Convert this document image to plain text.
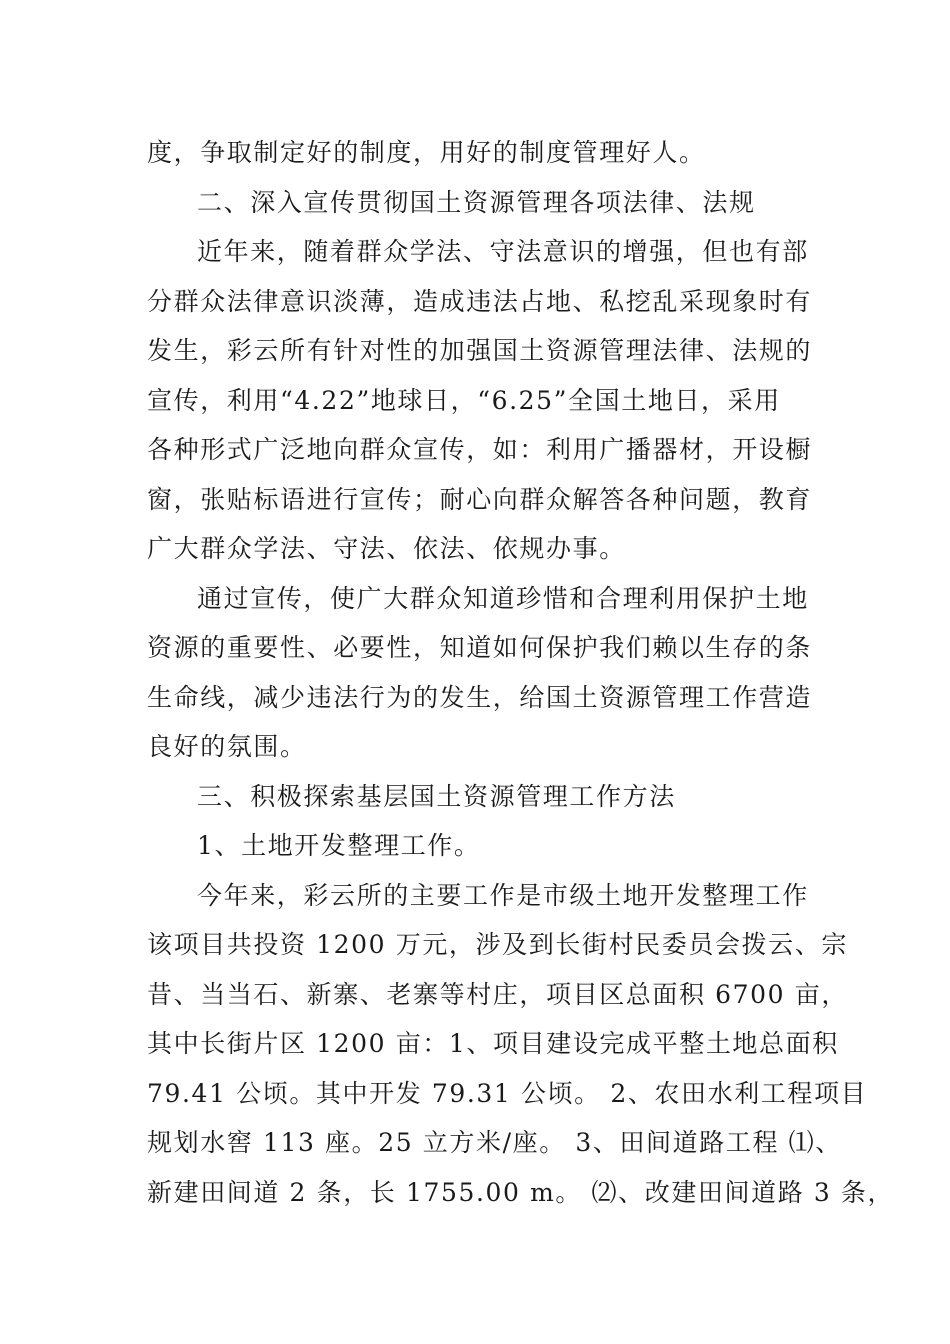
度，争取制定好的制度，用好的制度管理好人。
二、深入宣传贯彻国土资源管理各项法律、法规
近年来，随着群众学法、守法意识的增强，但也有部
分群众法律意识淡薄，造成违法占地、私挖乱采现象时有
发生，彩云所有针对性的加强国土资源管理法律、法规的
宣传，利用“4.22”地球日，“6.25”全国土地日，采用
各种形式广泛地向群众宣传，如：利用广播器材，开设橱
窗，张贴标语进行宣传；耐心向群众解答各种问题，教育
广大群众学法、守法、依法、依规办事。
通过宣传，使广大群众知道珍惜和合理利用保护土地
资源的重要性、必要性，知道如何保护我们赖以生存的条
生命线，减少违法行为的发生，给国土资源管理工作营造
良好的氛围。
三、积极探索基层国土资源管理工作方法
1、土地开发整理工作。
今年来，彩云所的主要工作是市级土地开发整理工作
该项目共投资 1200 万元，涉及到长街村民委员会拨云、宗
昔、当当石、新寨、老寨等村庄，项目区总面积 6700 亩，
其中长街片区 1200 亩：1、项目建设完成平整土地总面积
79.41 公顷。其中开发 79.31 公顷。 2、农田水利工程项目
规划水窖 113 座。25 立方米/座。 3、田间道路工程 ⑴、
新建田间道 2 条，长 1755.00 m。 ⑵、改建田间道路 3 条，
